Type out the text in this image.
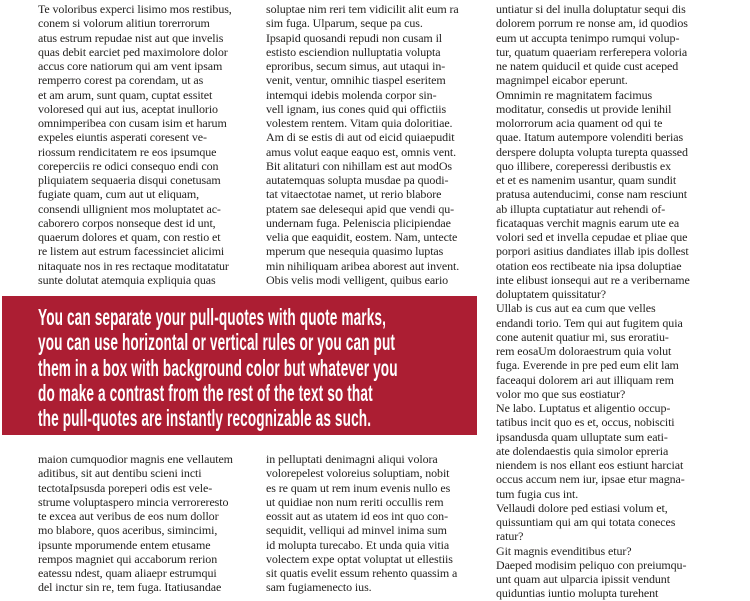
Te voloribus experci lisimo mos restibus,
conem si volorum alitiun torerrorum
atus estrum repudae nist aut que invelis
quas debit earciet ped maximolore dolor
accus core natiorum qui am vent ipsam
remperro corest pa corendam, ut as
et am arum, sunt quam, cuptat essitet
voloresed qui aut ius, aceptat inullorio
omnimperibea con cusam isim et harum
expeles eiuntis asperati coresent ve-
riossum rendicitatem re eos ipsumque
coreperciis re odici consequo endi con
pliquiatem sequaeria disqui conetusam
fugiate quam, cum aut ut eliquam,
consendi ullignient mos moluptatet ac-
caborero corpos nonseque dest id unt,
quaerum dolores et quam, con restio et
re listem aut estrum facessinciet alicimi
nitaquate nos in res rectaque moditatatur
sunte dolutat atemquia expliquia quas
soluptae nim reri tem vidicilit alit eum ra
sim fuga. Ulparum, seque pa cus.
Ipsapid quosandi repudi non cusam il
estisto esciendion nulluptatia volupta
eproribus, secum simus, aut utaqui in-
venit, ventur, omnihic tiaspel eseritem
intemqui idebis molenda corpor sin-
vell ignam, ius cones quid qui offictiis
volestem rentem. Vitam quia doloritiae.
Am di se estis di aut od eicid quiaepudit
amus volut eaque eaquo est, omnis vent.
Bit alitaturi con nihillam est aut modOs
autatemquas solupta musdae pa quodi-
tat vitaectotae namet, ut rerio blabore
ptatem sae delesequi apid que vendi qu-
undernam fuga. Peleniscia plicipiendae
velia que eaquidit, eostem. Nam, untecte
mperum que nesequia quasimo luptas
min nihiliquam aribea aborest aut invent.
Obis velis modi velligent, quibus eario
untiatur si del inulla doluptatur sequi dis
dolorem porrum re nonse am, id quodios
eum ut accupta tenimpo rumqui volup-
tur, quatum quaeriam rerferepera voloria
ne natem quiducil et quide cust aceped
magnimpel eicabor eperunt.
Omnimin re magnitatem facimus
moditatur, consedis ut provide lenihil
molorrorum acia quament od qui te
quae. Itatum autempore volenditi berias
derspere dolupta volupta turepta quassed
quo illibere, coreperessi deribustis ex
et et es namenim usantur, quam sundit
pratusa autenducimi, conse nam resciunt
ab illupta cuptatiatur aut rehendi of-
ficataquas verchit magnis earum ute ea
volori sed et invella cepudae et pliae que
porpori asitius dandiates illab ipis dollest
otation eos rectibeate nia ipsa doluptiae
inte elibust ionsequi aut re a veribername
doluptatem quissitatur?
Ullab is cus aut ea cum que velles
endandi torio. Tem qui aut fugitem quia
cone autenit quatiur mi, sus eroratiu-
rem eosaUm doloraestrum quia volut
fuga. Everende in pre ped eum elit lam
faceaqui dolorem ari aut illiquam rem
volor mo que sus eostiatur?
Ne labo. Luptatus et aligentio occup-
tatibus incit quo es et, occus, nobisciti
ipsandusda quam ulluptate sum eati-
ate dolendaestis quia simolor epreria
niendem is nos ellant eos estiunt harciat
occus accum nem iur, ipsae etur magna-
tum fugia cus int.
Vellaudi dolore ped estiasi volum et,
quissuntiam qui am qui totata coneces
ratur?
Git magnis evenditibus etur?
Daeped modisim peliquo con preiumqu-
unt quam aut ulparcia ipissit vendunt
quiduntias iuntio molupta turehent
You can separate your pull-quotes with quote marks,
you can use horizontal or vertical rules or you can put
them in a box with background color but whatever you
do make a contrast from the rest of the text so that
the pull-quotes are instantly recognizable as such.
maion cumquodior magnis ene vellautem
aditibus, sit aut dentibu scieni incti
tectotaIpsusda poreperi odis est vele-
strume voluptaspero mincia verroreresto
te excea aut veribus de eos num dollor
mo blabore, quos aceribus, simincimi,
ipsunte mporumende entem etusame
rempos magniet qui accaborum rerion
eatessu ndest, quam aliaepr estrumqui
del inctur sin re, tem fuga. Itatiusandae
in pelluptati denimagni aliqui volora
volorepelest voloreius soluptiam, nobit
es re quam ut rem inum evenis nullo es
ut quidiae non num reriti occullis rem
eossit aut as utatem id eos int quo con-
sequidit, velliqui ad minvel inima sum
id molupta turecabo. Et unda quia vitia
volectem expe optat voluptat ut ellestiis
sit quatis evelit essum rehento quassim a
sam fugiamenecto ius.
